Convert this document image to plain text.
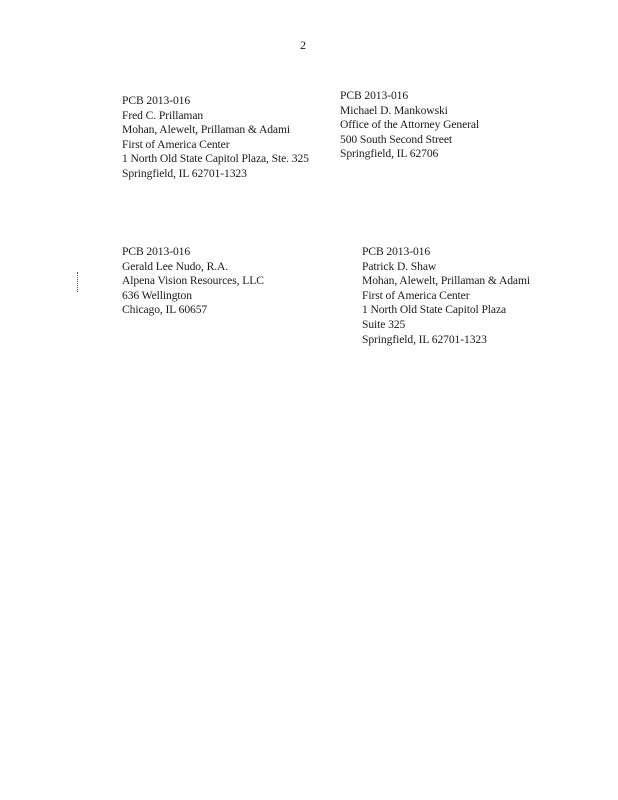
2
PCB 2013-016
Fred C. Prillaman
Mohan, Alewelt, Prillaman & Adami
First of America Center
1 North Old State Capitol Plaza, Ste. 325
Springfield, IL 62701-1323
PCB 2013-016
Michael D. Mankowski
Office of the Attorney General
500 South Second Street
Springfield, IL 62706
PCB 2013-016
Gerald Lee Nudo, R.A.
Alpena Vision Resources, LLC
636 Wellington
Chicago, IL 60657
PCB 2013-016
Patrick D. Shaw
Mohan, Alewelt, Prillaman & Adami
First of America Center
1 North Old State Capitol Plaza
Suite 325
Springfield, IL 62701-1323
